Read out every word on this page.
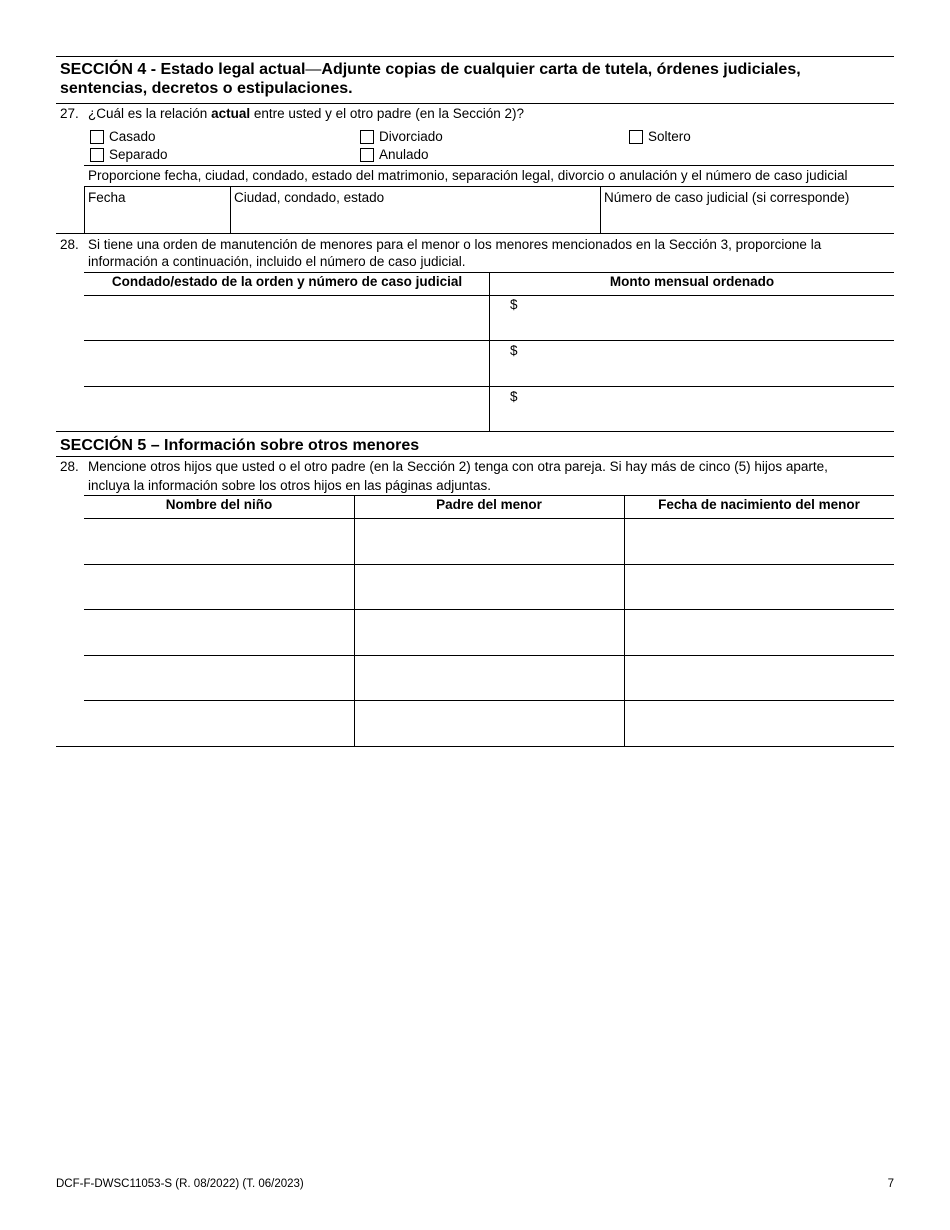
SECCIÓN 4 - Estado legal actual—Adjunte copias de cualquier carta de tutela, órdenes judiciales, sentencias, decretos o estipulaciones.
27. ¿Cuál es la relación actual entre usted y el otro padre (en la Sección 2)?
Casado	Divorciado	Soltero
Separado	Anulado
Proporcione fecha, ciudad, condado, estado del matrimonio, separación legal, divorcio o anulación y el número de caso judicial
Fecha	Ciudad, condado, estado	Número de caso judicial (si corresponde)
28. Si tiene una orden de manutención de menores para el menor o los menores mencionados en la Sección 3, proporcione la
información a continuación, incluido el número de caso judicial.
Condado/estado de la orden y número de caso judicial	Monto mensual ordenado
$
$
$
SECCIÓN 5 – Información sobre otros menores
28. Mencione otros hijos que usted o el otro padre (en la Sección 2) tenga con otra pareja. Si hay más de cinco (5) hijos aparte,
incluya la información sobre los otros hijos en las páginas adjuntas.
Nombre del niño	Padre del menor	Fecha de nacimiento del menor
DCF-F-DWSC11053-S (R. 08/2022) (T. 06/2023)	7
